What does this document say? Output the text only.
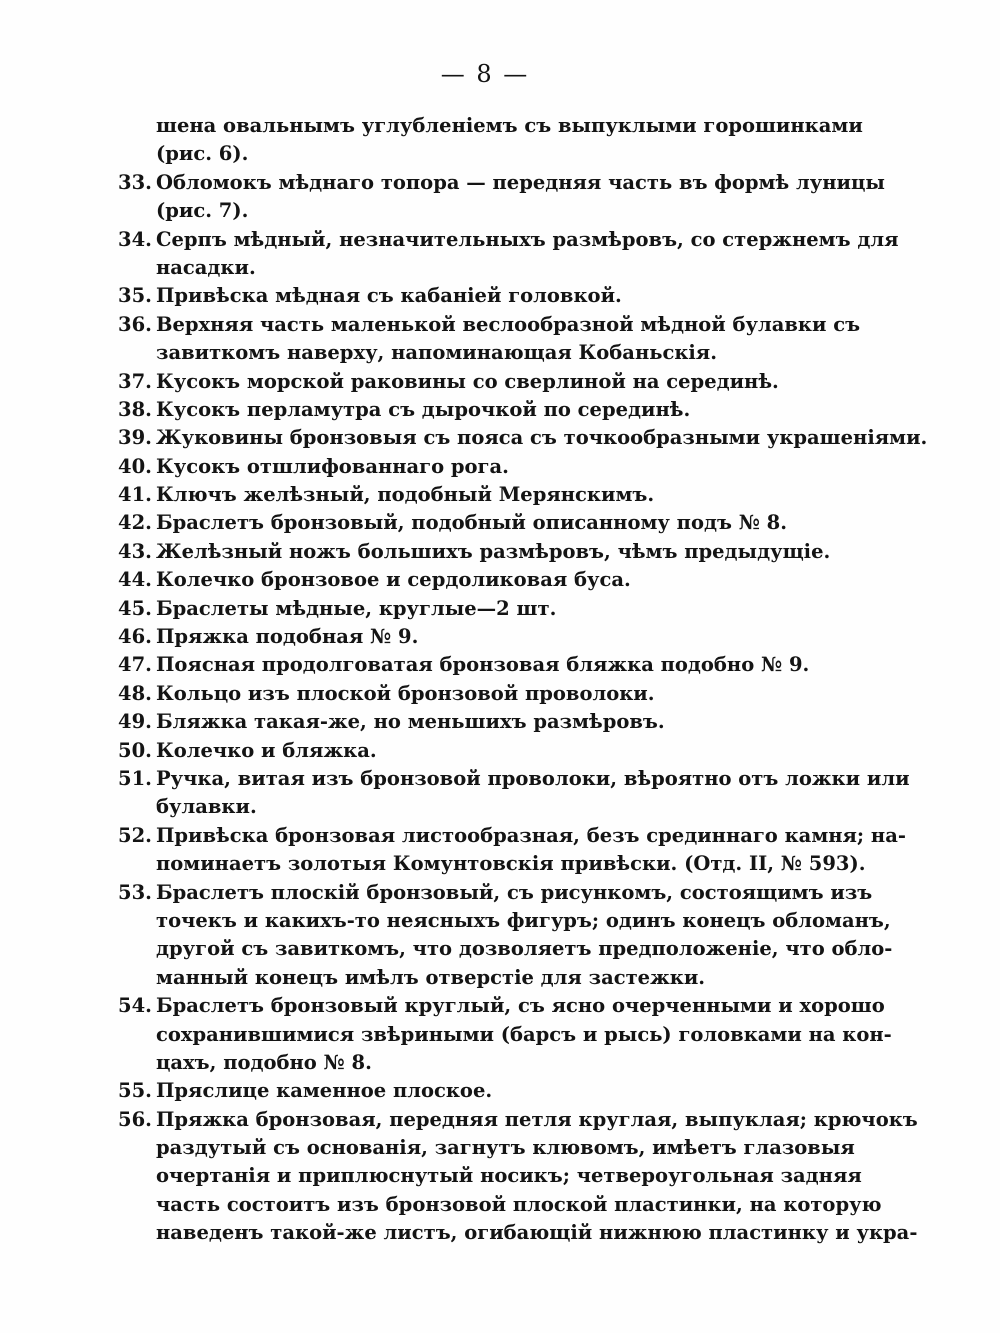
— 8 —
шена овальнымъ углубленіемъ съ выпуклыми горошинками
(рис. 6).
33. Обломокъ мѣднаго топора — передняя часть въ формѣ луницы
(рис. 7).
34. Серпъ мѣдный, незначительныхъ размѣровъ, со стержнемъ для
насадки.
35. Привѣска мѣдная съ кабаніей головкой.
36. Верхняя часть маленькой веслообразной мѣдной булавки съ
завиткомъ наверху, напоминающая Кобаньскія.
37. Кусокъ морской раковины со сверлиной на серединѣ.
38. Кусокъ перламутра съ дырочкой по серединѣ.
39. Жуковины бронзовыя съ пояса съ точкообразными украшеніями.
40. Кусокъ отшлифованнаго рога.
41. Ключъ желѣзный, подобный Мерянскимъ.
42. Браслетъ бронзовый, подобный описанному подъ № 8.
43. Желѣзный ножъ большихъ размѣровъ, чѣмъ предыдущіе.
44. Колечко бронзовое и сердоликовая буса.
45. Браслеты мѣдные, круглые—2 шт.
46. Пряжка подобная № 9.
47. Поясная продолговатая бронзовая бляжка подобно № 9.
48. Кольцо изъ плоской бронзовой проволоки.
49. Бляжка такая-же, но меньшихъ размѣровъ.
50. Колечко и бляжка.
51. Ручка, витая изъ бронзовой проволоки, вѣроятно отъ ложки или
булавки.
52. Привѣска бронзовая листообразная, безъ срединнаго камня; на-
поминаетъ золотыя Комунтовскія привѣски. (Отд. II, № 593).
53. Браслетъ плоскій бронзовый, съ рисункомъ, состоящимъ изъ
точекъ и какихъ-то неясныхъ фигуръ; одинъ конецъ обломанъ,
другой съ завиткомъ, что дозволяетъ предположеніе, что обло-
манный конецъ имѣлъ отверстіе для застежки.
54. Браслетъ бронзовый круглый, съ ясно очерченными и хорошо
сохранившимися звѣриными (барсъ и рысь) головками на кон-
цахъ, подобно № 8.
55. Пряслице каменное плоское.
56. Пряжка бронзовая, передняя петля круглая, выпуклая; крючокъ
раздутый съ основанія, загнутъ клювомъ, имѣетъ глазовыя
очертанія и приплюснутый носикъ; четвероугольная задняя
часть состоитъ изъ бронзовой плоской пластинки, на которую
наведенъ такой-же листъ, огибающій нижнюю пластинку и укра-
